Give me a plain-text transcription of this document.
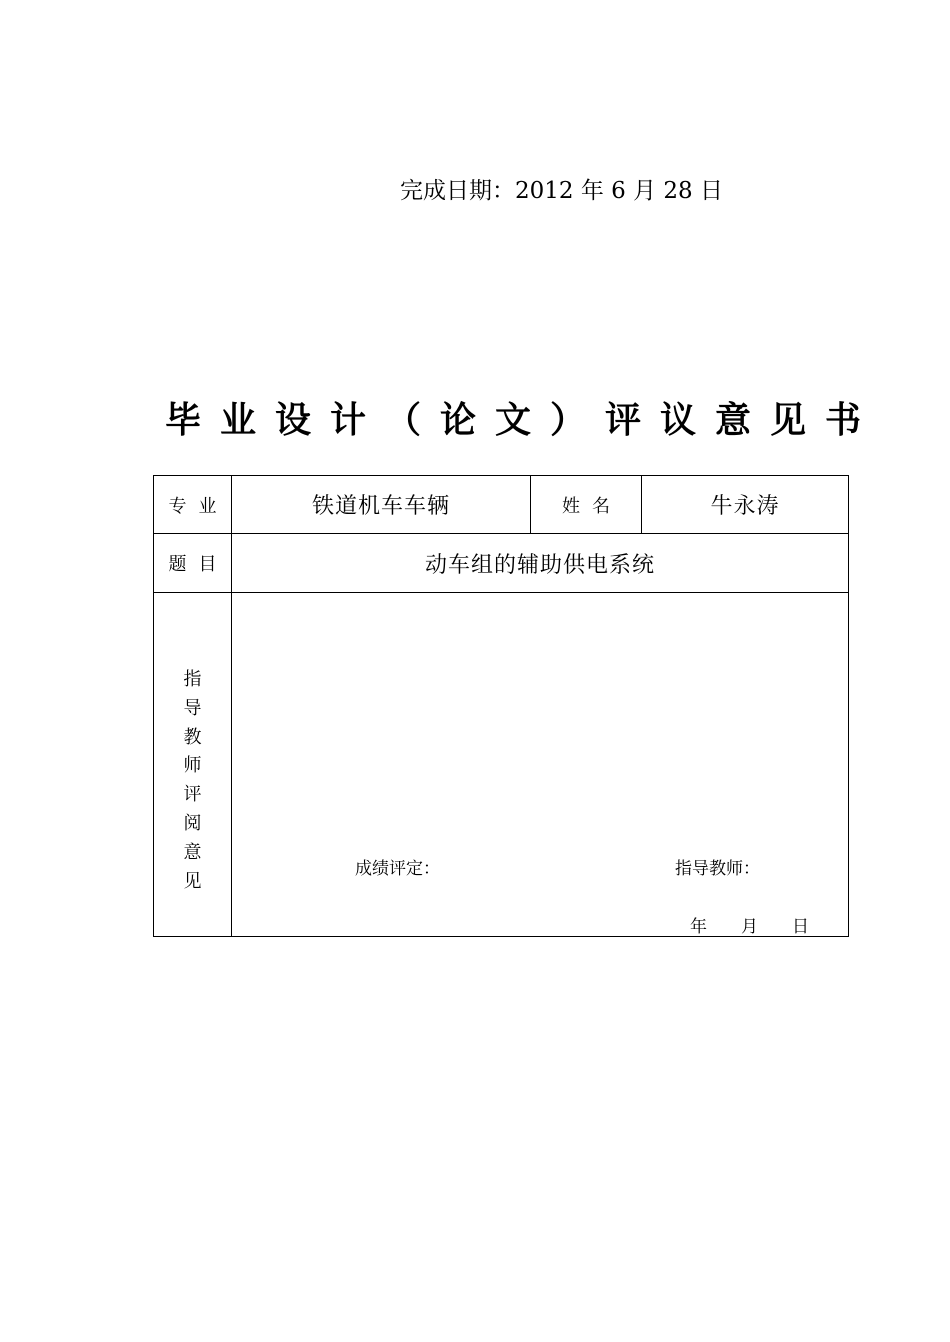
完成日期：2012 年 6 月 28 日
毕业设计（论文）评议意见书
专业	铁道机车车辆	姓名	牛永涛
题目	动车组的辅助供电系统
指
导
教
师
评
阅
意
见
成绩评定：	指导教师：
年　　月　　日
